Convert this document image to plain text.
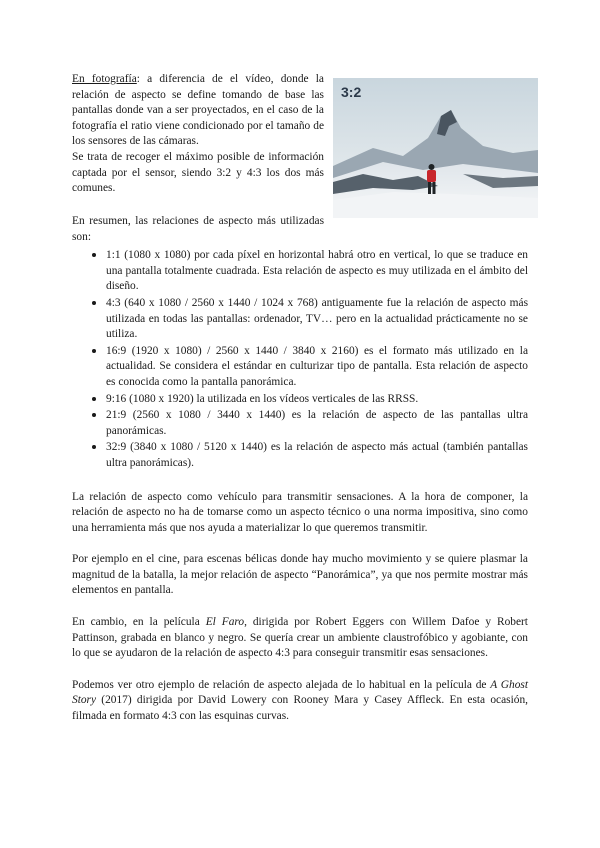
En fotografía: a diferencia de el vídeo, donde la relación de aspecto se define tomando de base las pantallas donde van a ser proyectados, en el caso de la fotografía el ratio viene condicionado por el tamaño de los sensores de las cámaras.

Se trata de recoger el máximo posible de información captada por el sensor, siendo 3:2 y 4:3 los dos más comunes.

3:2

En resumen, las relaciones de aspecto más utilizadas son:

• 1:1 (1080 x 1080) por cada píxel en horizontal habrá otro en vertical, lo que se traduce en una pantalla totalmente cuadrada. Esta relación de aspecto es muy utilizada en el ámbito del diseño.
• 4:3 (640 x 1080 / 2560 x 1440 / 1024 x 768) antiguamente fue la relación de aspecto más utilizada en todas las pantallas: ordenador, TV… pero en la actualidad prácticamente no se utiliza.
• 16:9 (1920 x 1080) / 2560 x 1440 / 3840 x 2160) es el formato más utilizado en la actualidad. Se considera el estándar en culturizar tipo de pantalla. Esta relación de aspecto es conocida como la pantalla panorámica.
• 9:16 (1080 x 1920) la utilizada en los vídeos verticales de las RRSS.
• 21:9 (2560 x 1080 / 3440 x 1440) es la relación de aspecto de las pantallas ultra panorámicas.
• 32:9 (3840 x 1080 / 5120 x 1440) es la relación de aspecto más actual (también pantallas ultra panorámicas).

La relación de aspecto como vehículo para transmitir sensaciones. A la hora de componer, la relación de aspecto no ha de tomarse como un aspecto técnico o una norma impositiva, sino como una herramienta más que nos ayuda a materializar lo que queremos transmitir.

Por ejemplo en el cine, para escenas bélicas donde hay mucho movimiento y se quiere plasmar la magnitud de la batalla, la mejor relación de aspecto “Panorámica”, ya que nos permite mostrar más elementos en pantalla.

En cambio, en la película El Faro, dirigida por Robert Eggers con Willem Dafoe y Robert Pattinson, grabada en blanco y negro. Se quería crear un ambiente claustrofóbico y agobiante, con lo que se ayudaron de la relación de aspecto 4:3 para conseguir transmitir esas sensaciones.

Podemos ver otro ejemplo de relación de aspecto alejada de lo habitual en la película de A Ghost Story (2017) dirigida por David Lowery con Rooney Mara y Casey Affleck. En esta ocasión, filmada en formato 4:3 con las esquinas curvas.
